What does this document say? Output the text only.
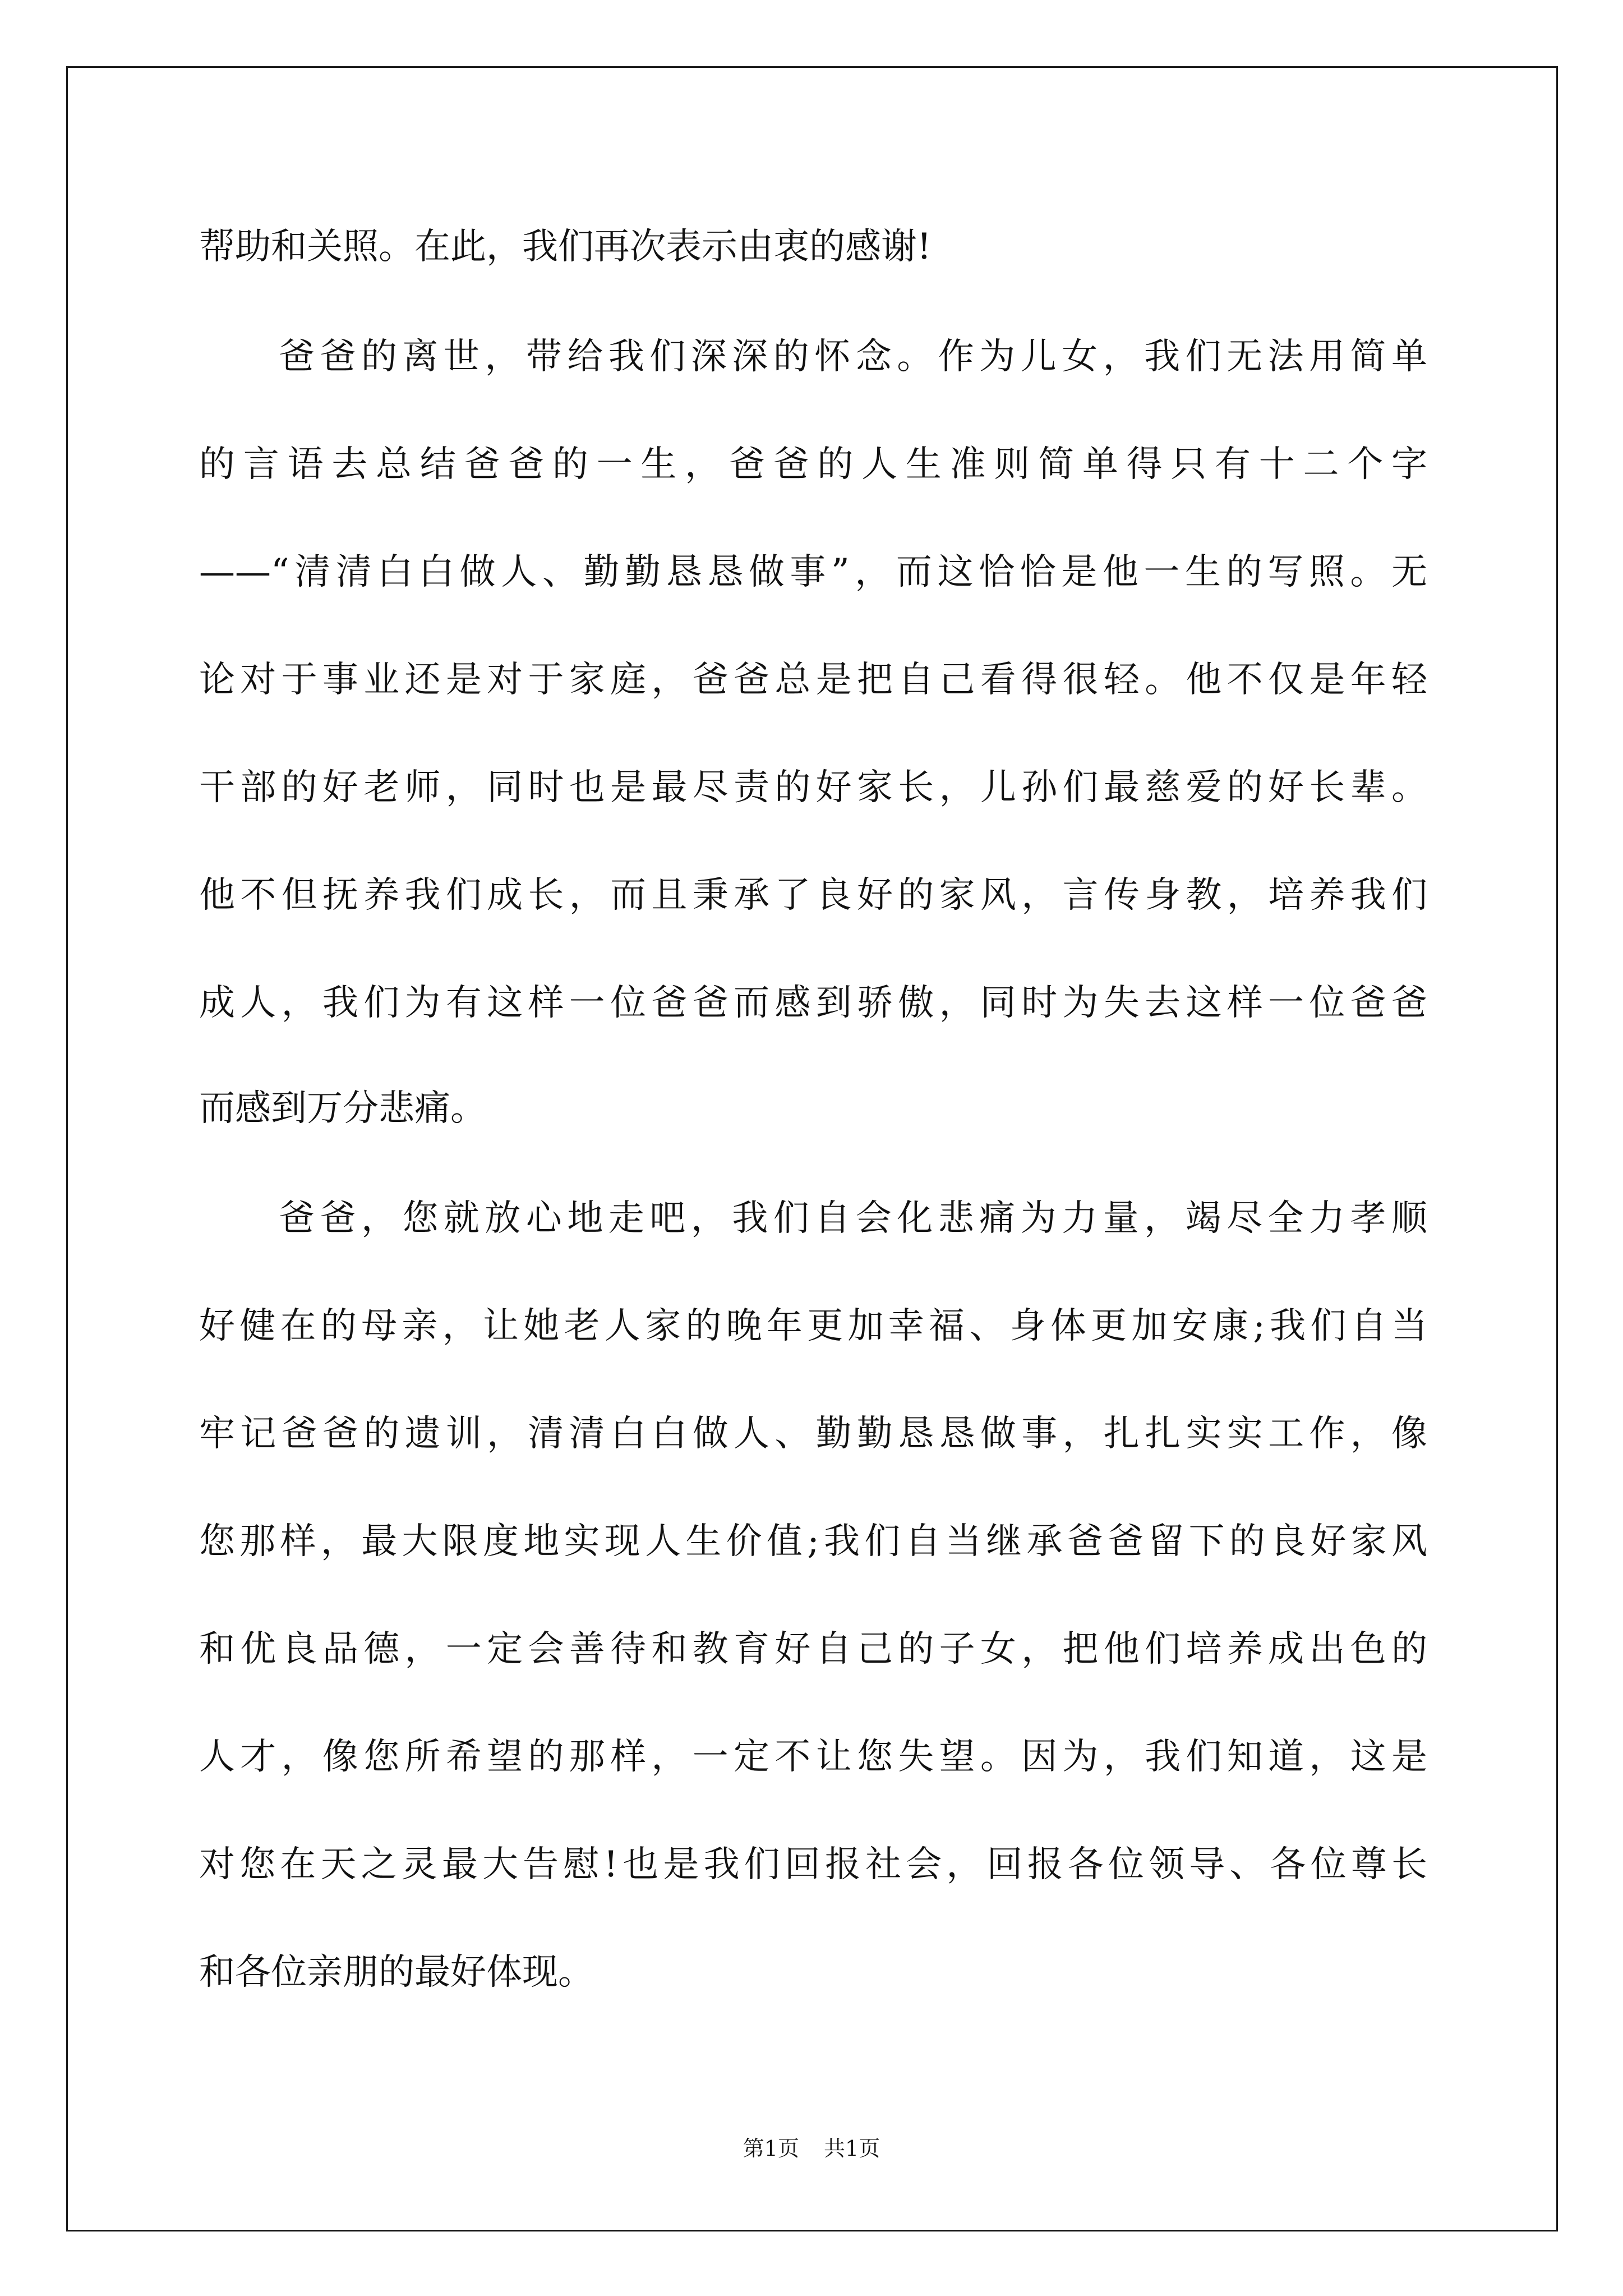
帮助和关照。在此，我们再次表示由衷的感谢!
爸爸的离世，带给我们深深的怀念。作为儿女，我们无法用简单
的言语去总结爸爸的一生，爸爸的人生准则简单得只有十二个字
——“清清白白做人、勤勤恳恳做事”，而这恰恰是他一生的写照。无
论对于事业还是对于家庭，爸爸总是把自己看得很轻。他不仅是年轻
干部的好老师，同时也是最尽责的好家长，儿孙们最慈爱的好长辈。
他不但抚养我们成长，而且秉承了良好的家风，言传身教，培养我们
成人，我们为有这样一位爸爸而感到骄傲，同时为失去这样一位爸爸
而感到万分悲痛。
爸爸，您就放心地走吧，我们自会化悲痛为力量，竭尽全力孝顺
好健在的母亲，让她老人家的晚年更加幸福、身体更加安康;我们自当
牢记爸爸的遗训，清清白白做人、勤勤恳恳做事，扎扎实实工作，像
您那样，最大限度地实现人生价值;我们自当继承爸爸留下的良好家风
和优良品德，一定会善待和教育好自己的子女，把他们培养成出色的
人才，像您所希望的那样，一定不让您失望。因为，我们知道，这是
对您在天之灵最大告慰!也是我们回报社会，回报各位领导、各位尊长
和各位亲朋的最好体现。
第1页 共1页
